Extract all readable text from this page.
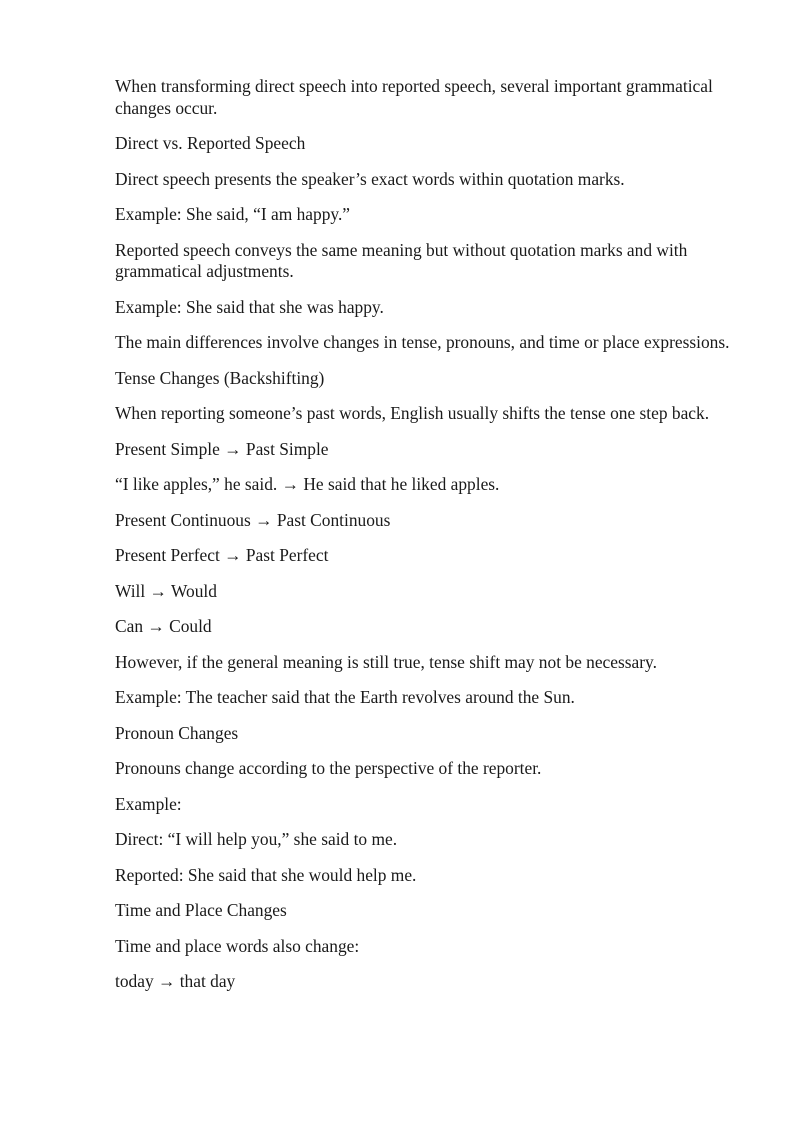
When transforming direct speech into reported speech, several important grammatical changes occur.

Direct vs. Reported Speech

Direct speech presents the speaker’s exact words within quotation marks.

Example: She said, “I am happy.”

Reported speech conveys the same meaning but without quotation marks and with grammatical adjustments.

Example: She said that she was happy.

The main differences involve changes in tense, pronouns, and time or place expressions.

Tense Changes (Backshifting)

When reporting someone’s past words, English usually shifts the tense one step back.

Present Simple → Past Simple

“I like apples,” he said. → He said that he liked apples.

Present Continuous → Past Continuous

Present Perfect → Past Perfect

Will → Would

Can → Could

However, if the general meaning is still true, tense shift may not be necessary.

Example: The teacher said that the Earth revolves around the Sun.

Pronoun Changes

Pronouns change according to the perspective of the reporter.

Example:

Direct: “I will help you,” she said to me.

Reported: She said that she would help me.

Time and Place Changes

Time and place words also change:

today → that day
